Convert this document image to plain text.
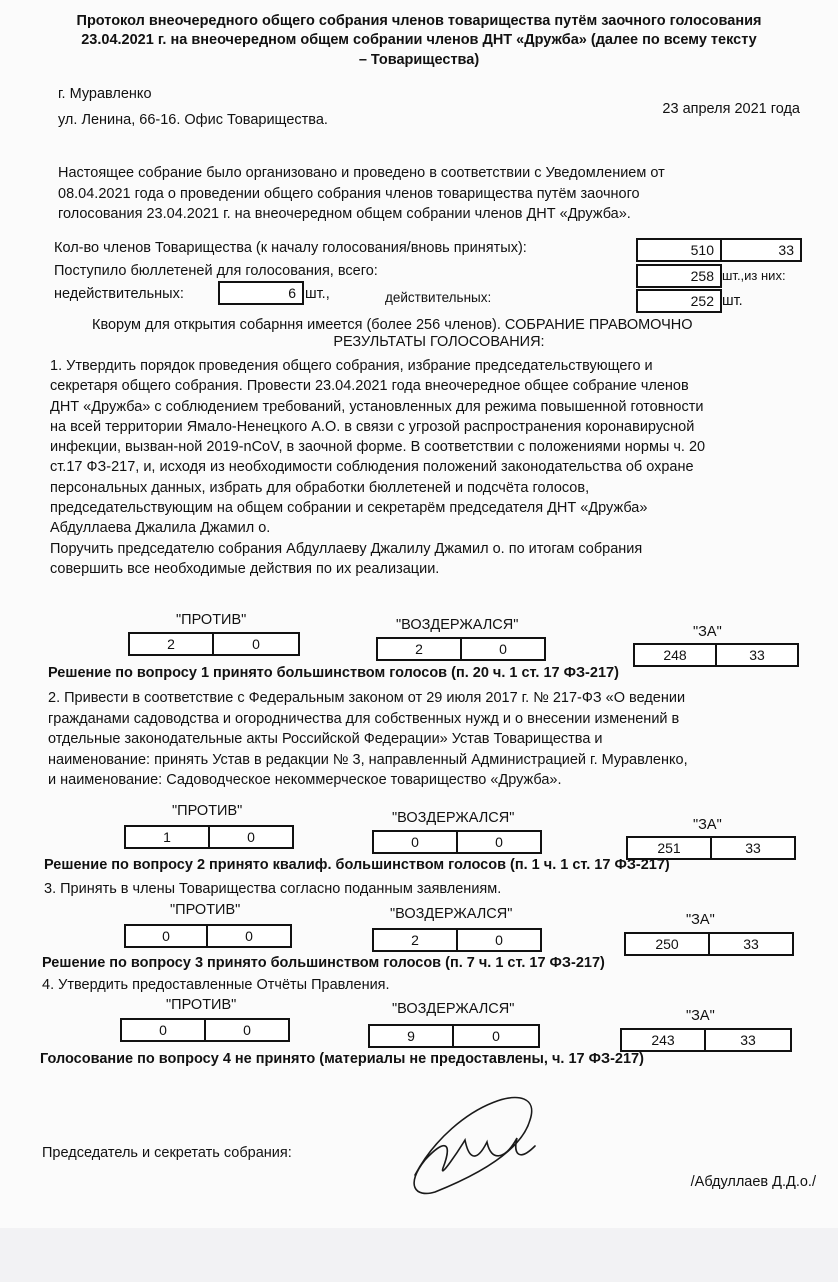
Протокол внеочередного общего собрания членов товарищества путём заочного голосования
23.04.2021 г. на внеочередном общем собрании членов ДНТ «Дружба» (далее по всему тексту
– Товарищества)
г. Муравленко
ул. Ленина, 66-16. Офис Товарищества.
23 апреля 2021 года
Настоящее собрание было организовано и проведено в соответствии с Уведомлением от
08.04.2021 года о проведении общего собрания членов товарищества путём заочного
голосования 23.04.2021 г. на внеочередном общем собрании членов ДНТ «Дружба».
Кол-во членов Товарищества (к началу голосования/вновь принятых):	510	33
Поступило бюллетеней для голосования, всего:	258 шт.,из них:
недействительных:	6 шт.,	действительных:	252 шт.
Кворум для открытия собарння имеется (более 256 членов). СОБРАНИЕ ПРАВОМОЧНО
РЕЗУЛЬТАТЫ ГОЛОСОВАНИЯ:
1. Утвердить порядок проведения общего собрания, избрание председательствующего и
секретаря общего собрания. Провести 23.04.2021 года внеочередное общее собрание членов
ДНТ «Дружба» с соблюдением требований, установленных для режима повышенной готовности
на всей территории Ямало-Ненецкого А.О. в связи с угрозой распространения коронавирусной
инфекции, вызван-ной 2019-nCoV, в заочной форме. В соответствии с положениями нормы ч. 20
ст.17 ФЗ-217, и, исходя из необходимости соблюдения положений законодательства об охране
персональных данных, избрать для обработки бюллетеней и подсчёта голосов,
председательствующим на общем собрании и секретарём председателя ДНТ «Дружба»
Абдуллаева Джалила Джамил о.
Поручить председателю собрания Абдуллаеву Джалилу Джамил о. по итогам собрания
совершить все необходимые действия по их реализации.
"ПРОТИВ"	"ВОЗДЕРЖАЛСЯ"	"ЗА"
2	0	2	0	248	33
Решение по вопросу 1 принято большинством голосов (п. 20 ч. 1 ст. 17 ФЗ-217)
2. Привести в соответствие с Федеральным законом от 29 июля 2017 г. № 217-ФЗ «О ведении
гражданами садоводства и огородничества для собственных нужд и о внесении изменений в
отдельные законодательные акты Российской Федерации» Устав Товарищества и
наименование: принять Устав в редакции № 3, направленный Администрацией г. Муравленко,
и наименование: Садоводческое некоммерческое товарищество «Дружба».
"ПРОТИВ"	"ВОЗДЕРЖАЛСЯ"	"ЗА"
1	0	0	0	251	33
Решение по вопросу 2 принято квалиф. большинством голосов (п. 1 ч. 1 ст. 17 ФЗ-217)
3. Принять в члены Товарищества согласно поданным заявлениям.
"ПРОТИВ"	"ВОЗДЕРЖАЛСЯ"	"ЗА"
0	0	2	0	250	33
Решение по вопросу 3 принято большинством голосов (п. 7 ч. 1 ст. 17 ФЗ-217)
4. Утвердить предоставленные Отчёты Правления.
"ПРОТИВ"	"ВОЗДЕРЖАЛСЯ"	"ЗА"
0	0	9	0	243	33
Голосование по вопросу 4 не принято (материалы не предоставлены, ч. 17 ФЗ-217)
Председатель и секретать собрания:
/Абдуллаев Д.Д.о./
